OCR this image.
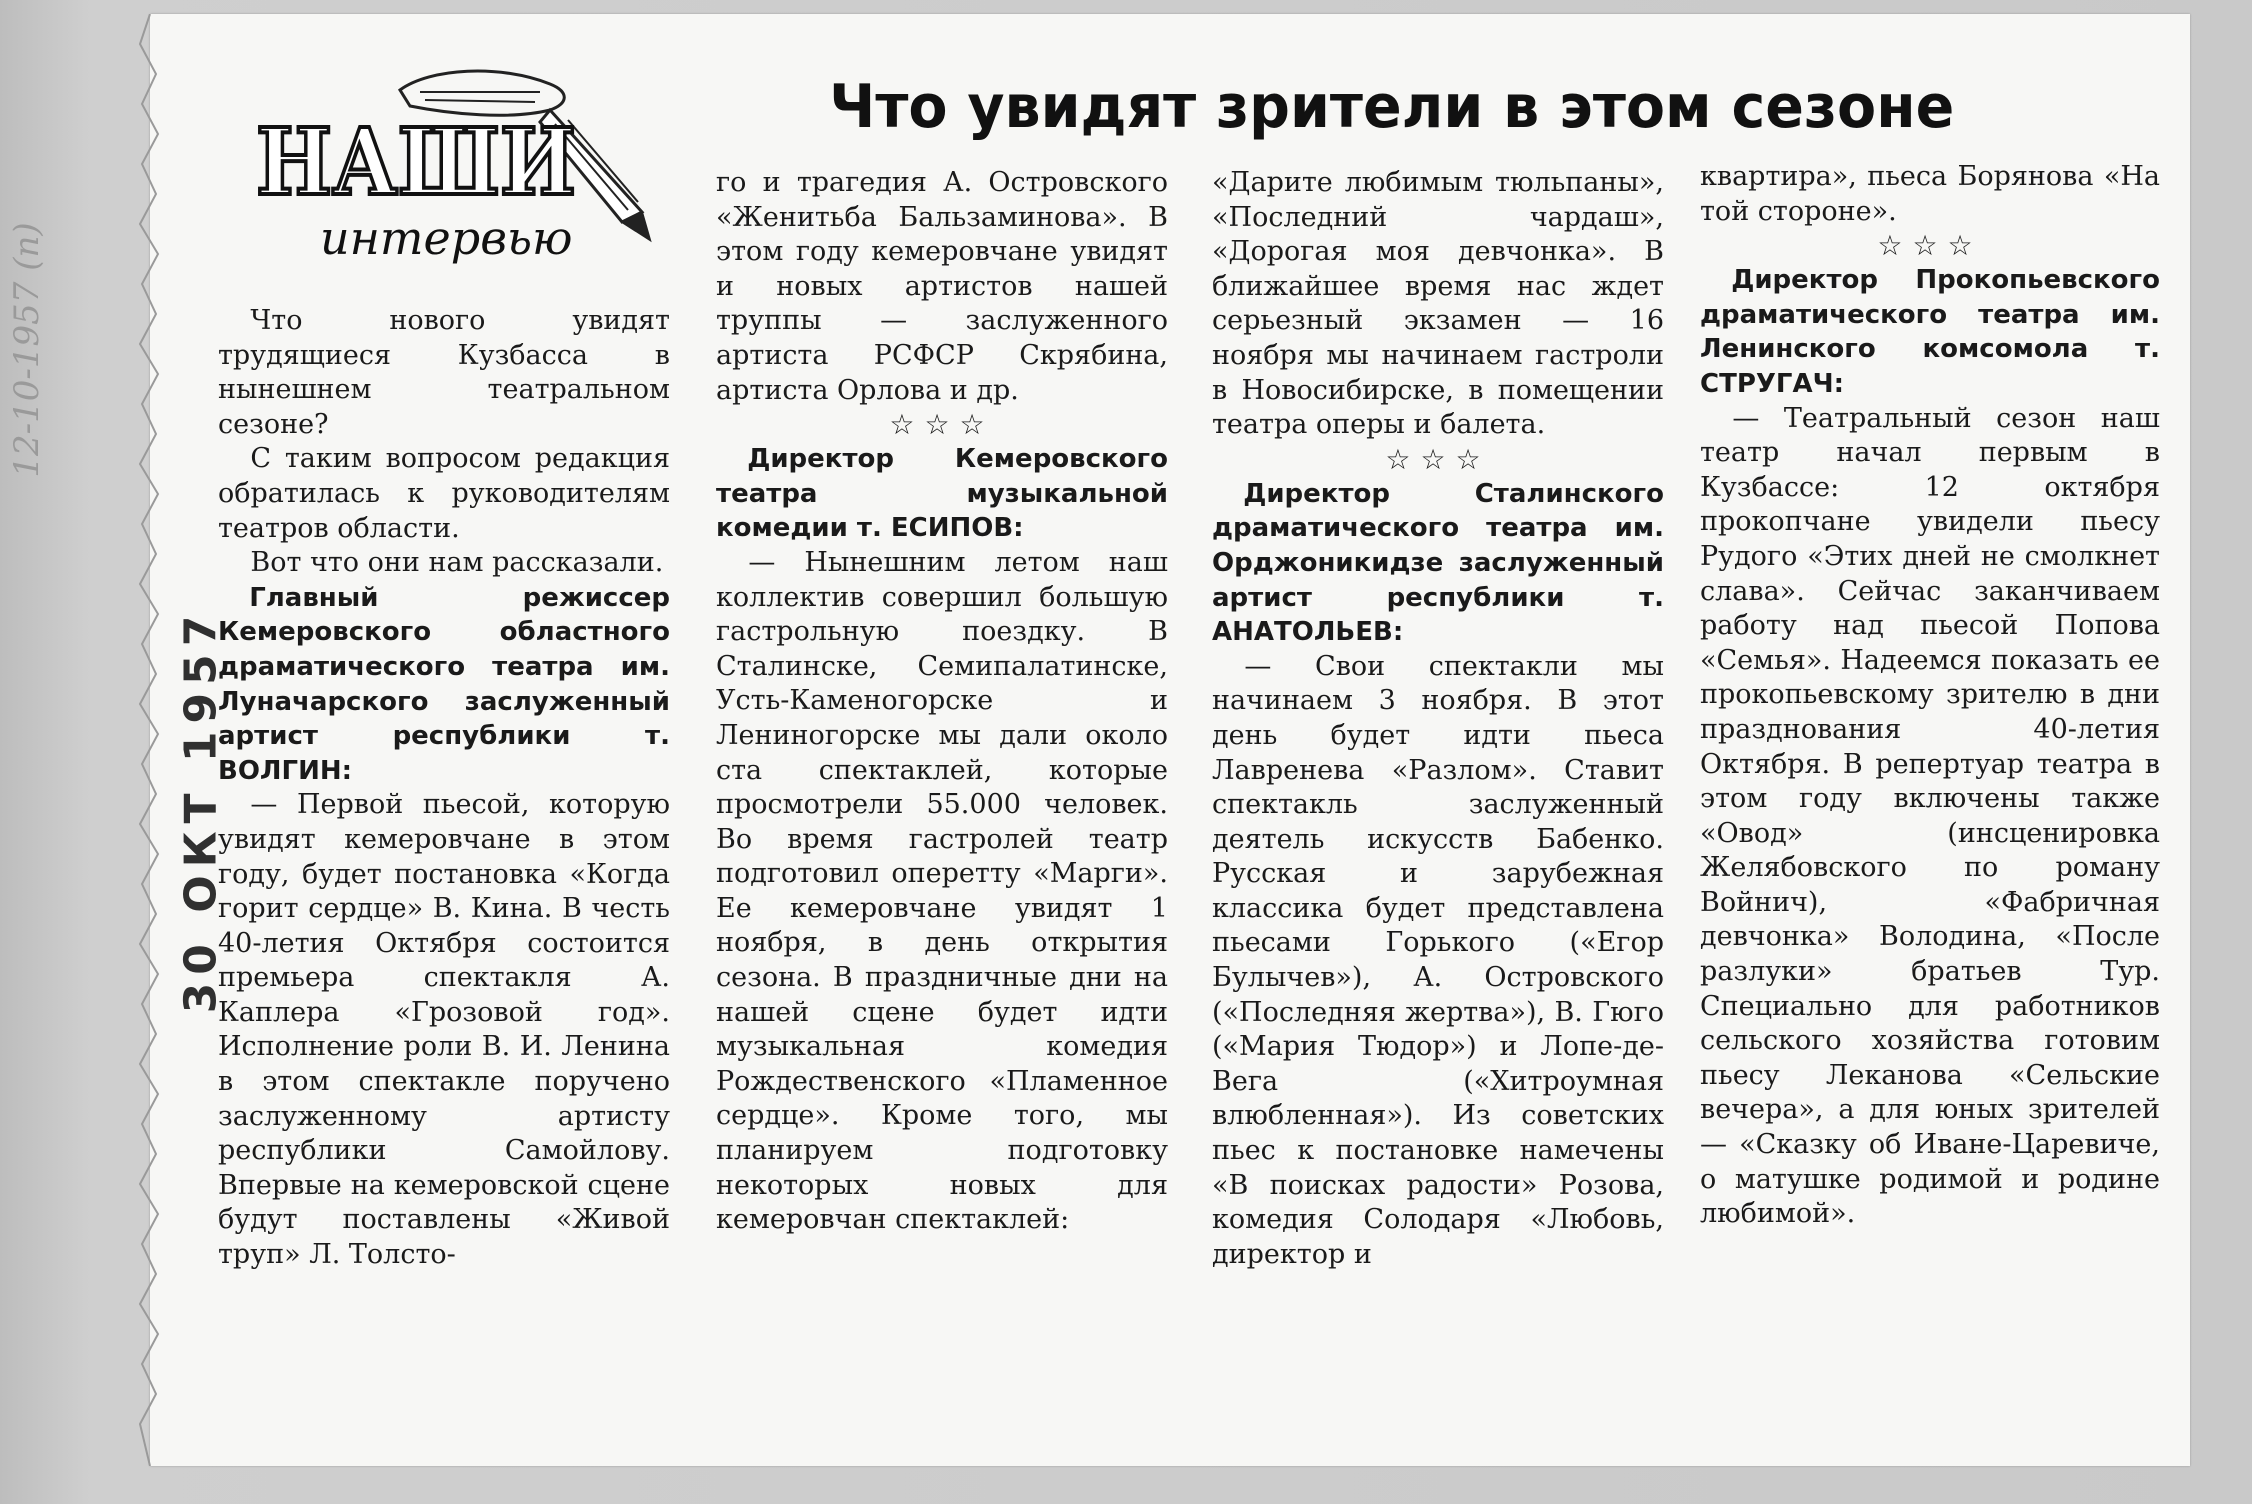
12-10-1957 (n)
30 ОКТ 1957
НАШИ
интервью
Что увидят зрители в этом сезоне

Что нового увидят трудящиеся Кузбасса в нынешнем театральном сезоне?

С таким вопросом редакция обратилась к руководителям театров области.

Вот что они нам рассказали.

Главный режиссер Кемеровского областного драматического театра им. Луначарского заслуженный артист республики т. ВОЛГИН:

— Первой пьесой, которую увидят кемеровчане в этом году, будет постановка «Когда горит сердце» В. Кина. В честь 40-летия Октября состоится премьера спектакля А. Каплера «Грозовой год». Исполнение роли В. И. Ленина в этом спектакле поручено заслуженному артисту республики Самойлову. Впервые на кемеровской сцене будут поставлены «Живой труп» Л. Толсто-

го и трагедия А. Островского «Женитьба Бальзаминова». В этом году кемеровчане увидят и новых артистов нашей труппы — заслуженного артиста РСФСР Скрябина, артиста Орлова и др.

☆☆☆

Директор Кемеровского театра музыкальной комедии т. ЕСИПОВ:

— Нынешним летом наш коллектив совершил большую гастрольную поездку. В Сталинске, Семипалатинске, Усть-Каменогорске и Лениногорске мы дали около ста спектаклей, которые просмотрели 55.000 человек. Во время гастролей театр подготовил оперетту «Марги». Ее кемеровчане увидят 1 ноября, в день открытия сезона. В праздничные дни на нашей сцене будет идти музыкальная комедия Рождественского «Пламенное сердце». Кроме того, мы планируем подготовку некоторых новых для кемеровчан спектаклей:

«Дарите любимым тюльпаны», «Последний чардаш», «Дорогая моя девчонка». В ближайшее время нас ждет серьезный экзамен — 16 ноября мы начинаем гастроли в Новосибирске, в помещении театра оперы и балета.

☆☆☆

Директор Сталинского драматического театра им. Орджоникидзе заслуженный артист республики т. АНАТОЛЬЕВ:

— Свои спектакли мы начинаем 3 ноября. В этот день будет идти пьеса Лавренева «Разлом». Ставит спектакль заслуженный деятель искусств Бабенко. Русская и зарубежная классика будет представлена пьесами Горького («Егор Булычев»), А. Островского («Последняя жертва»), В. Гюго («Мария Тюдор») и Лопе-де-Вега («Хитроумная влюбленная»). Из советских пьес к постановке намечены «В поисках радости» Розова, комедия Солодаря «Любовь, директор и

квартира», пьеса Борянова «На той стороне».

☆☆☆

Директор Прокопьевского драматического театра им. Ленинского комсомола т. СТРУГАЧ:

— Театральный сезон наш театр начал первым в Кузбассе: 12 октября прокопчане увидели пьесу Рудого «Этих дней не смолкнет слава». Сейчас заканчиваем работу над пьесой Попова «Семья». Надеемся показать ее прокопьевскому зрителю в дни празднования 40-летия Октября. В репертуар театра в этом году включены также «Овод» (инсценировка Желябовского по роману Войнич), «Фабричная девчонка» Володина, «После разлуки» братьев Тур. Специально для работников сельского хозяйства готовим пьесу Леканова «Сельские вечера», а для юных зрителей — «Сказку об Иване-Царевиче, о матушке родимой и родине любимой».
